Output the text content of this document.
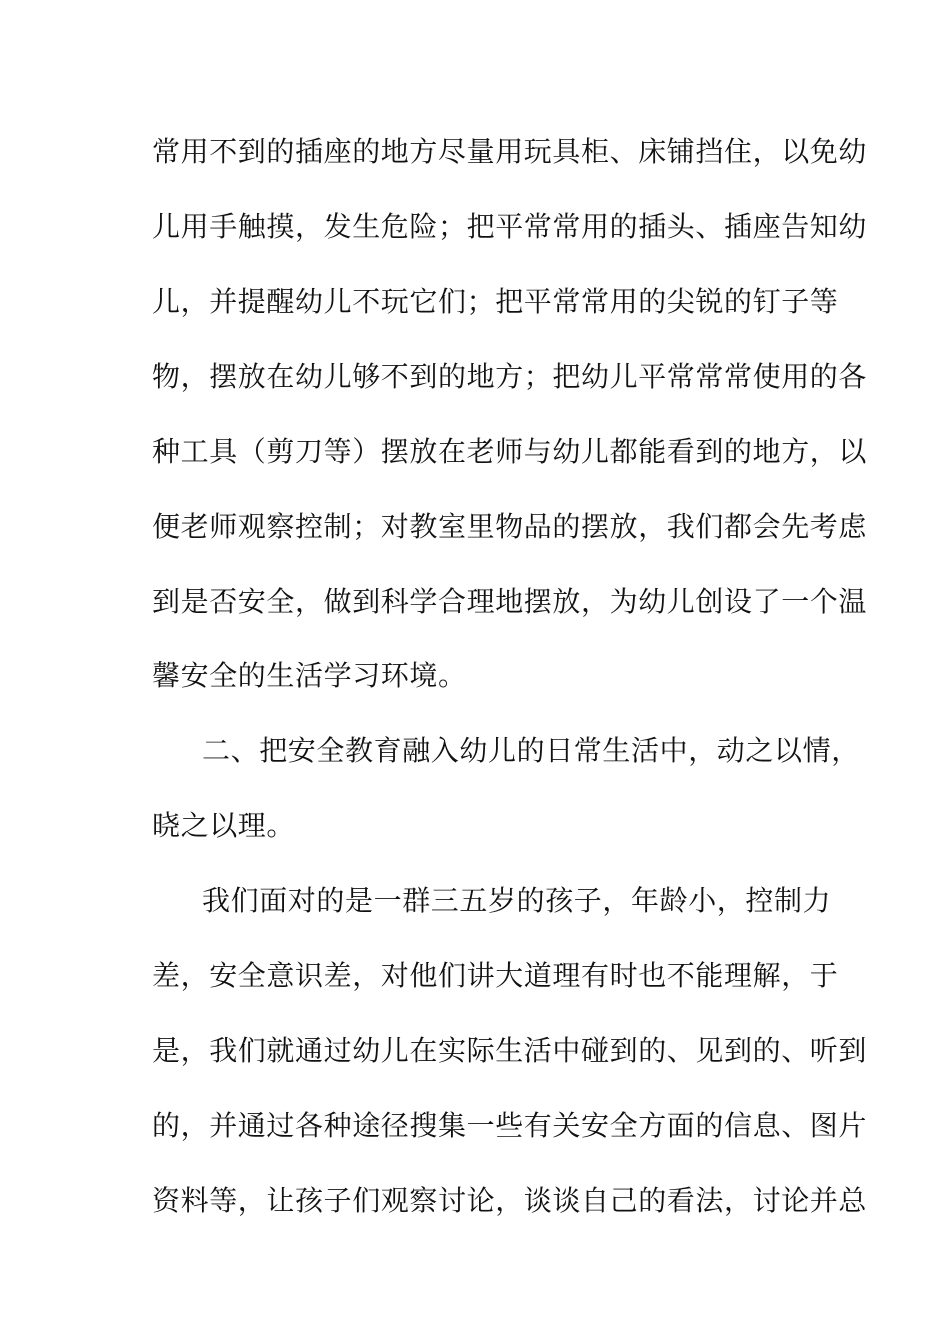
常用不到的插座的地方尽量用玩具柜、床铺挡住，以免幼
儿用手触摸，发生危险；把平常常用的插头、插座告知幼
儿，并提醒幼儿不玩它们；把平常常用的尖锐的钉子等
物，摆放在幼儿够不到的地方；把幼儿平常常常使用的各
种工具（剪刀等）摆放在老师与幼儿都能看到的地方，以
便老师观察控制；对教室里物品的摆放，我们都会先考虑
到是否安全，做到科学合理地摆放，为幼儿创设了一个温
馨安全的生活学习环境。
二、把安全教育融入幼儿的日常生活中，动之以情，
晓之以理。
我们面对的是一群三五岁的孩子，年龄小，控制力
差，安全意识差，对他们讲大道理有时也不能理解，于
是，我们就通过幼儿在实际生活中碰到的、见到的、听到
的，并通过各种途径搜集一些有关安全方面的信息、图片
资料等，让孩子们观察讨论，谈谈自己的看法，讨论并总
